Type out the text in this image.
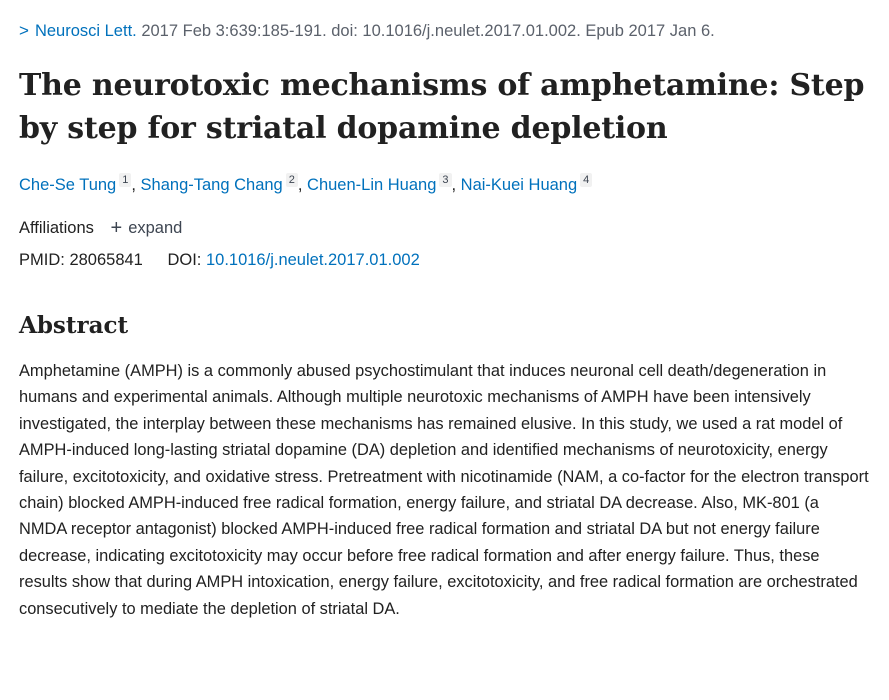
> Neurosci Lett. 2017 Feb 3:639:185-191. doi: 10.1016/j.neulet.2017.01.002. Epub 2017 Jan 6.
The neurotoxic mechanisms of amphetamine: Step by step for striatal dopamine depletion
Che-Se Tung 1 , Shang-Tang Chang 2 , Chuen-Lin Huang 3 , Nai-Kuei Huang 4
Affiliations + expand
PMID: 28065841 DOI: 10.1016/j.neulet.2017.01.002
Abstract

Amphetamine (AMPH) is a commonly abused psychostimulant that induces neuronal cell death/degeneration in humans and experimental animals. Although multiple neurotoxic mechanisms of AMPH have been intensively investigated, the interplay between these mechanisms has remained elusive. In this study, we used a rat model of AMPH-induced long-lasting striatal dopamine (DA) depletion and identified mechanisms of neurotoxicity, energy failure, excitotoxicity, and oxidative stress. Pretreatment with nicotinamide (NAM, a co-factor for the electron transport chain) blocked AMPH-induced free radical formation, energy failure, and striatal DA decrease. Also, MK-801 (a NMDA receptor antagonist) blocked AMPH-induced free radical formation and striatal DA but not energy failure decrease, indicating excitotoxicity may occur before free radical formation and after energy failure. Thus, these results show that during AMPH intoxication, energy failure, excitotoxicity, and free radical formation are orchestrated consecutively to mediate the depletion of striatal DA.
